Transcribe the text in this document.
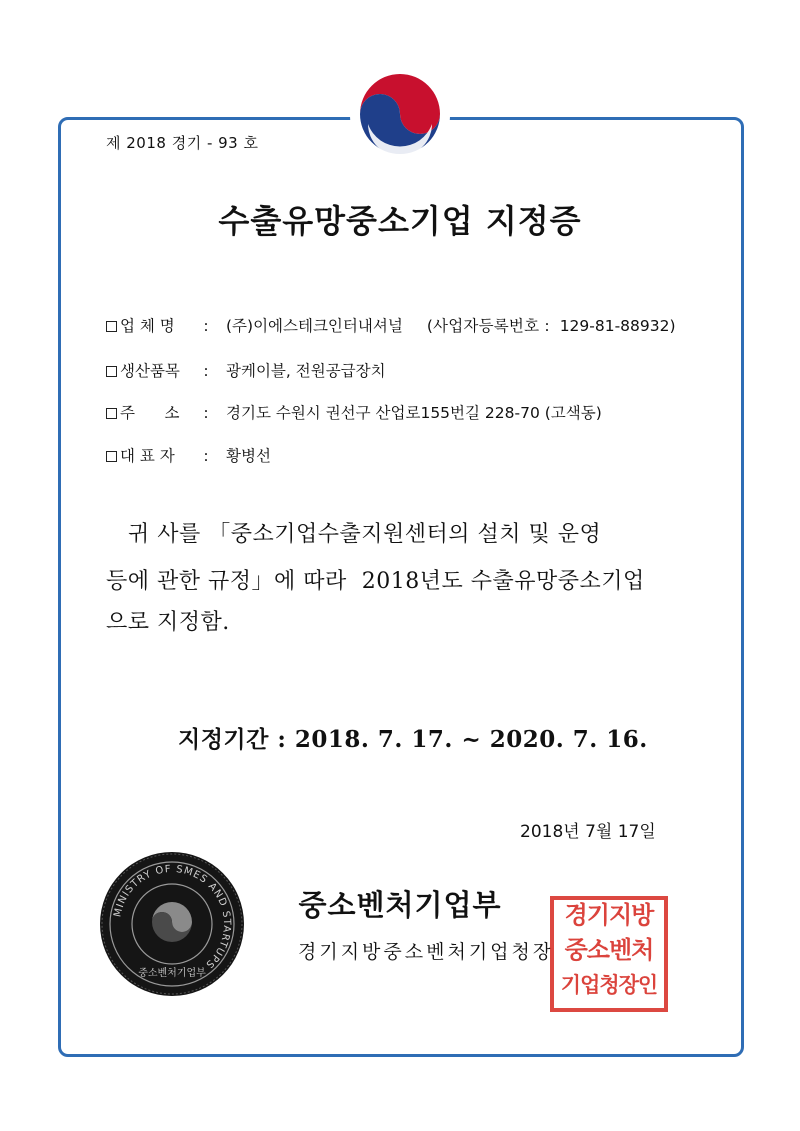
제 2018 경기 - 93 호
수출유망중소기업 지정증
업 체 명 : (주)이에스테크인터내셔널 (사업자등록번호 : 129-81-88932)
생산품목 : 광케이블, 전원공급장치
주      소 : 경기도 수원시 권선구 산업로155번길 228-70 (고색동)
대 표 자 : 황병선
귀 사를 「중소기업수출지원센터의 설치 및 운영
등에 관한 규정」에 따라  2018년도 수출유망중소기업
으로 지정함.
지정기간 : 2018. 7. 17. ~ 2020. 7. 16.
2018년 7월 17일
중소벤처기업부
경기지방중소벤처기업청장
MINISTRY OF SMES AND STARTUPS
중소벤처기업부
경기지방
중소벤처
기업청장인
